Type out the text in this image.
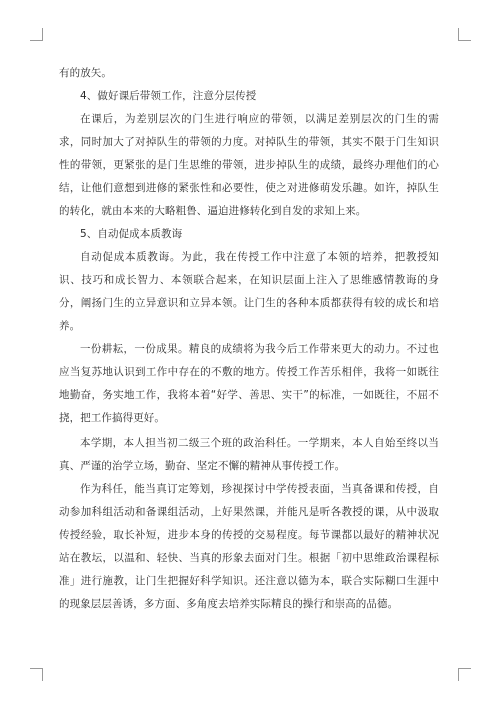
有的放矢。

4、做好课后带领工作，注意分层传授

在课后，为差别层次的门生进行响应的带领，以满足差别层次的门生的需求，同时加大了对掉队生的带领的力度。对掉队生的带领，其实不限于门生知识性的带领，更紧张的是门生思维的带领，进步掉队生的成绩，最终办理他们的心结，让他们意想到进修的紧张性和必要性，使之对进修萌发乐趣。如许，掉队生的转化，就由本来的大略粗鲁、逼迫进修转化到自发的求知上来。

5、自动促成本质教诲

自动促成本质教诲。为此，我在传授工作中注意了本领的培养，把教授知识、技巧和成长智力、本领联合起来，在知识层面上注入了思维感情教诲的身分，阐扬门生的立异意识和立异本领。让门生的各种本质都获得有较的成长和培养。

一份耕耘，一份成果。精良的成绩将为我今后工作带来更大的动力。不过也应当复苏地认识到工作中存在的不敷的地方。传授工作苦乐相伴，我将一如既往地勤奋，务实地工作，我将本着“好学、善思、实干”的标准，一如既往，不屈不挠，把工作搞得更好。

本学期，本人担当初二级三个班的政治科任。一学期来，本人自始至终以当真、严谨的治学立场，勤奋、坚定不懈的精神从事传授工作。

作为科任，能当真订定筹划，珍视探讨中学传授表面，当真备课和传授，自动参加科组活动和备课组活动，上好果然课，并能凡是听各教授的课，从中汲取传授经验，取长补短，进步本身的传授的交易程度。每节课都以最好的精神状况站在教坛，以温和、轻快、当真的形象去面对门生。根据「初中思维政治课程标准」进行施教，让门生把握好科学知识。还注意以德为本，联合实际糊口生涯中的现象层层善诱，多方面、多角度去培养实际精良的操行和崇高的品德。
